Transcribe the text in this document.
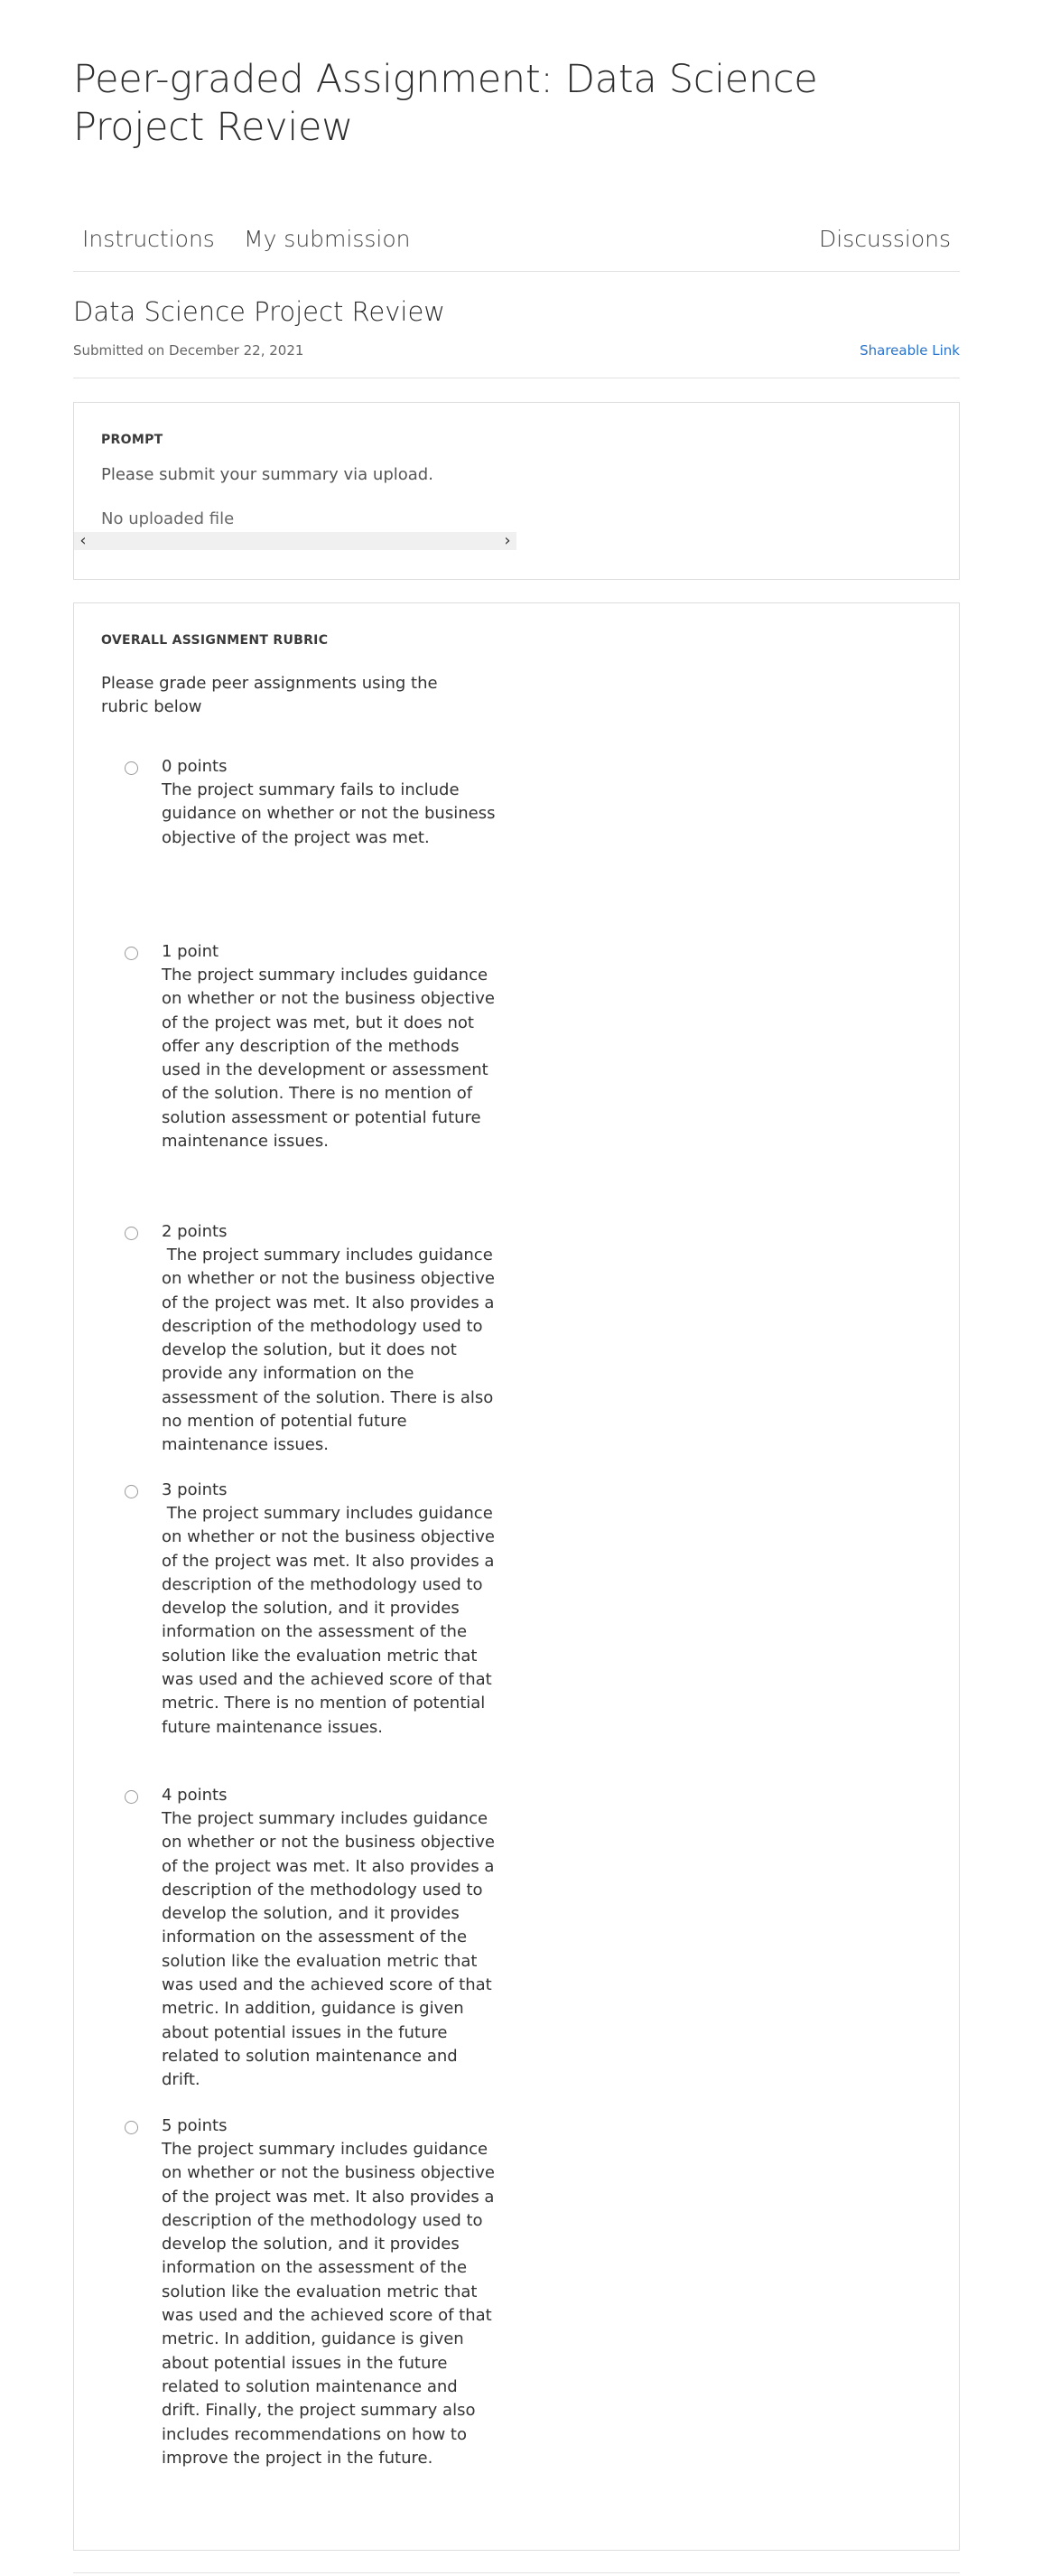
Peer-graded Assignment: Data Science Project Review
Instructions My submission	Discussions
Data Science Project Review
Submitted on December 22, 2021	Shareable Link
PROMPT
Please submit your summary via upload.
No uploaded file
‹	›
OVERALL ASSIGNMENT RUBRIC
Please grade peer assignments using the rubric below
0 points
The project summary fails to include guidance on whether or not the business objective of the project was met.
1 point
The project summary includes guidance on whether or not the business objective of the project was met, but it does not offer any description of the methods used in the development or assessment of the solution. There is no mention of solution assessment or potential future maintenance issues.
2 points
The project summary includes guidance on whether or not the business objective of the project was met. It also provides a description of the methodology used to develop the solution, but it does not provide any information on the assessment of the solution. There is also no mention of potential future maintenance issues.
3 points
The project summary includes guidance on whether or not the business objective of the project was met. It also provides a description of the methodology used to develop the solution, and it provides information on the assessment of the solution like the evaluation metric that was used and the achieved score of that metric. There is no mention of potential future maintenance issues.
4 points
The project summary includes guidance on whether or not the business objective of the project was met. It also provides a description of the methodology used to develop the solution, and it provides information on the assessment of the solution like the evaluation metric that was used and the achieved score of that metric. In addition, guidance is given about potential issues in the future related to solution maintenance and drift.
5 points
The project summary includes guidance on whether or not the business objective of the project was met. It also provides a description of the methodology used to develop the solution, and it provides information on the assessment of the solution like the evaluation metric that was used and the achieved score of that metric. In addition, guidance is given about potential issues in the future related to solution maintenance and drift. Finally, the project summary also includes recommendations on how to improve the project in the future.
